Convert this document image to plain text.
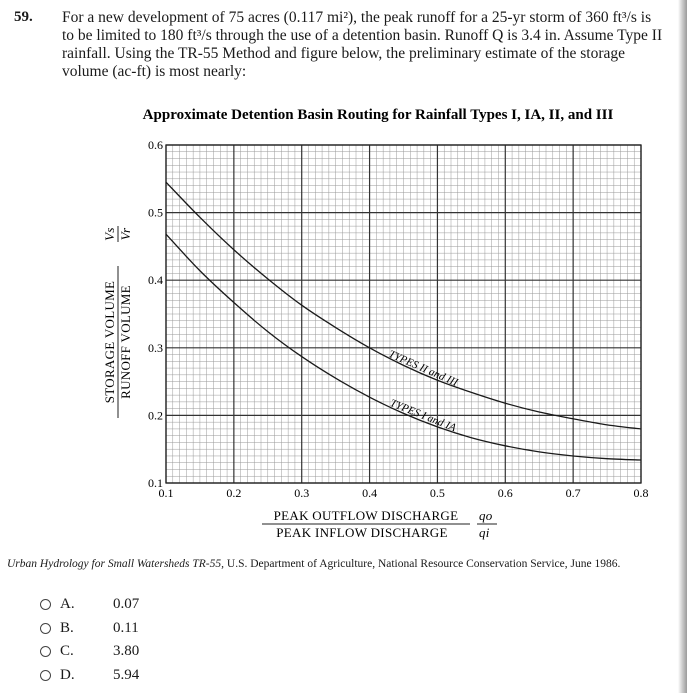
59. For a new development of 75 acres (0.117 mi²), the peak runoff for a 25-yr storm of 360 ft³/s is
to be limited to 180 ft³/s through the use of a detention basin. Runoff Q is 3.4 in. Assume Type II
rainfall. Using the TR-55 Method and figure below, the preliminary estimate of the storage
volume (ac-ft) is most nearly:
Approximate Detention Basin Routing for Rainfall Types I, IA, II, and III
TYPES II and III
TYPES I and IA
0.1	0.2	0.3	0.4	0.5	0.6	0.7	0.8
0.1
0.2
0.3
0.4
0.5
0.6
PEAK OUTFLOW DISCHARGE
PEAK INFLOW DISCHARGE
qo
qi
STORAGE VOLUME RUNOFF VOLUME
Vs Vr
Urban Hydrology for Small Watersheds TR-55, U.S. Department of Agriculture, National Resource Conservation Service, June 1986.
A.	0.07
B.	0.11
C.	3.80
D.	5.94
